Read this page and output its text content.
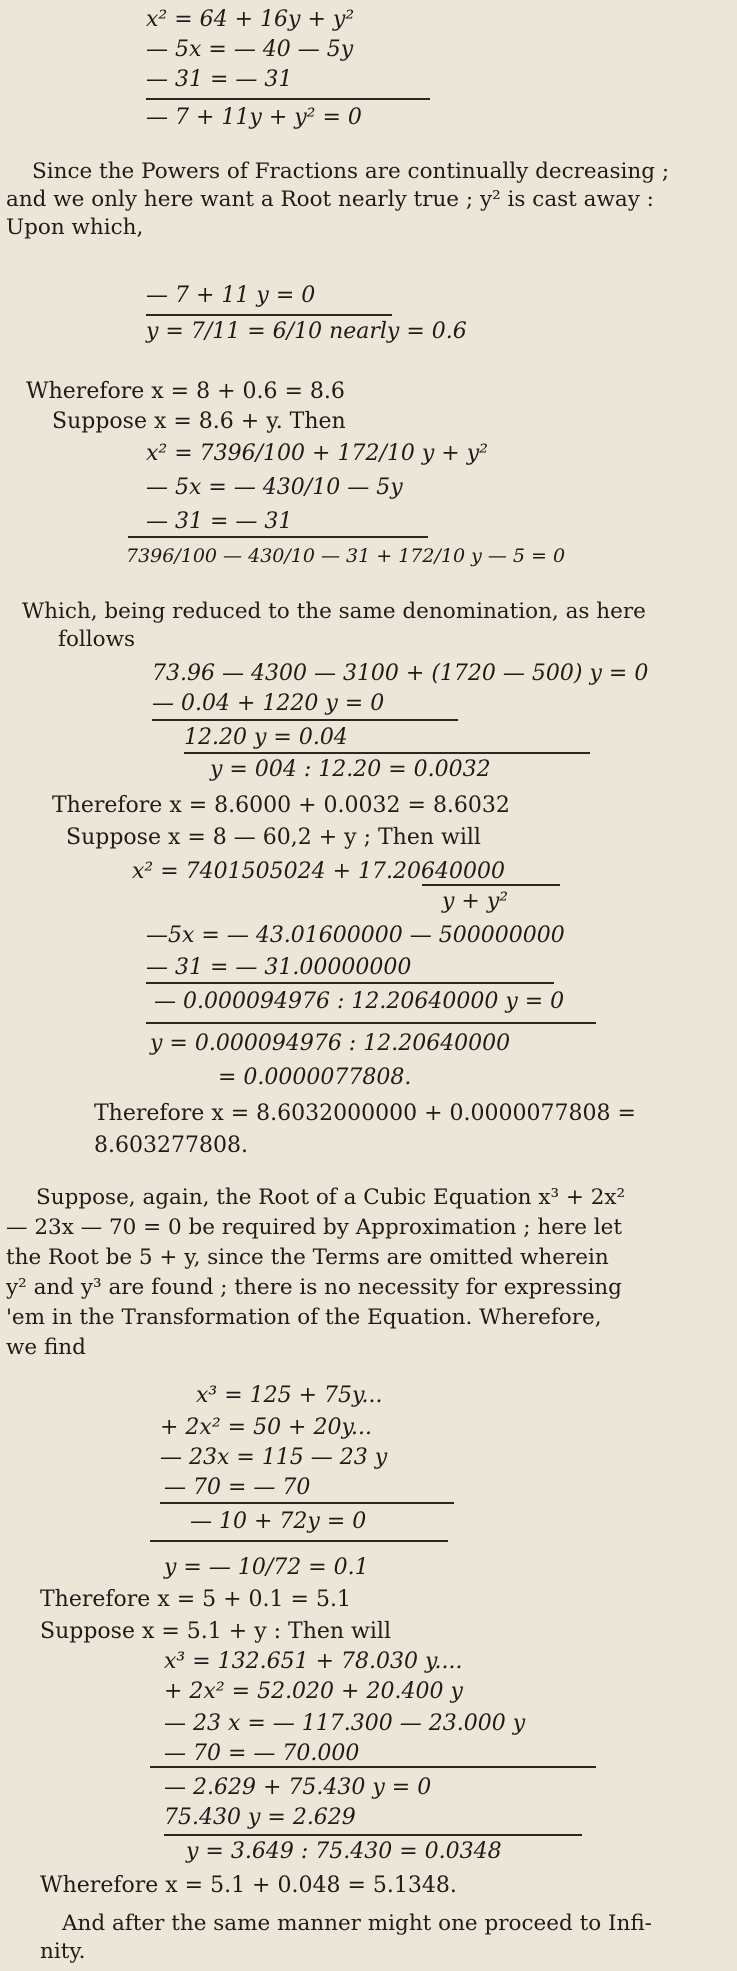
x² = 64 + 16y + y²
— 5x = — 40 — 5y
— 31 = — 31
— 7 + 11y + y² = 0
Since the Powers of Fractions are continually decreasing ;
and we only here want a Root nearly true ; y² is cast away :
Upon which,
— 7 + 11 y = 0
y = 7/11 = 6/10 nearly = 0.6
Wherefore x = 8 + 0.6 = 8.6
Suppose x = 8.6 + y. Then
x² = 7396/100 + 172/10 y + y²
— 5x = — 430/10 — 5y
— 31 = — 31
7396/100 — 430/10 — 31 + 172/10 y — 5 = 0
Which, being reduced to the same denomination, as here
follows
73.96 — 4300 — 3100 + (1720 — 500) y = 0
— 0.04 + 1220 y = 0
12.20 y = 0.04
y = 004 : 12.20 = 0.0032
Therefore x = 8.6000 + 0.0032 = 8.6032
Suppose x = 8 — 60,2 + y ; Then will
x² = 7401505024 + 17.20640000
y + y²
—5x = — 43.01600000 — 500000000
— 31 = — 31.00000000
— 0.000094976 : 12.20640000 y = 0
y = 0.000094976 : 12.20640000
= 0.0000077808.
Therefore x = 8.6032000000 + 0.0000077808 =
8.603277808.
Suppose, again, the Root of a Cubic Equation x³ + 2x²
— 23x — 70 = 0 be required by Approximation ; here let
the Root be 5 + y, since the Terms are omitted wherein
y² and y³ are found ; there is no necessity for expressing
'em in the Transformation of the Equation. Wherefore,
we find
x³ = 125 + 75y...
+ 2x² = 50 + 20y...
— 23x = 115 — 23 y
— 70 = — 70
— 10 + 72y = 0
y = — 10/72 = 0.1
Therefore x = 5 + 0.1 = 5.1
Suppose x = 5.1 + y : Then will
x³ = 132.651 + 78.030 y....
+ 2x² = 52.020 + 20.400 y
— 23 x = — 117.300 — 23.000 y
— 70 = — 70.000
— 2.629 + 75.430 y = 0
75.430 y = 2.629
y = 3.649 : 75.430 = 0.0348
Wherefore x = 5.1 + 0.048 = 5.1348.
And after the same manner might one proceed to Infi-
nity.
